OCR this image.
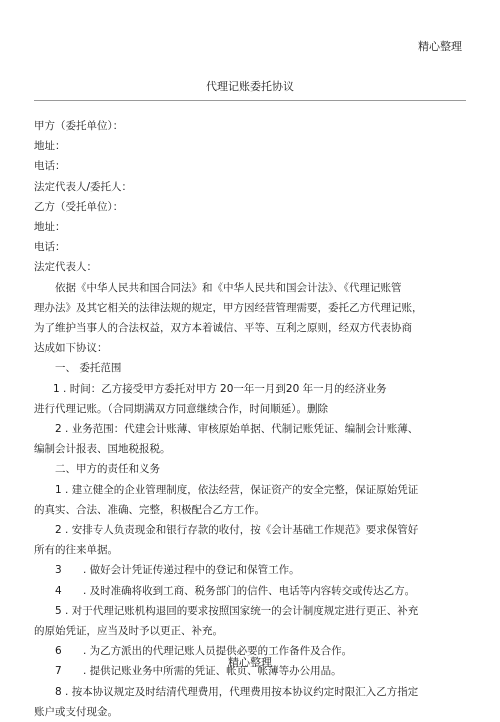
精心整理
代理记账委托协议
甲方（委托单位）：
地址：
电话：
法定代表人/委托人：
乙方（受托单位）：
地址：
电话：
法定代表人：
依据《中华人民共和国合同法》和《中华人民共和国会计法》、《代理记账管
理办法》及其它相关的法律法规的规定，甲方因经营管理需要，委托乙方代理记账，
为了维护当事人的合法权益，双方本着诚信、平等、互利之原则，经双方代表协商
达成如下协议：
一、 委托范围
1 . 时间：乙方接受甲方委托对甲方 20一年一月到20 年一月的经济业务
进行代理记账。（合同期满双方同意继续合作，时间顺延）。删除
2 . 业务范围：代建会计账薄、审核原始单据、代制记账凭证、编制会计账薄、
编制会计报表、国地税报税。
二、甲方的责任和义务
1 . 建立健全的企业管理制度，依法经营，保证资产的安全完整，保证原始凭证
的真实、合法、准确、完整，积极配合乙方工作。
2 . 安排专人负责现金和银行存款的收付，按《会计基础工作规范》要求保管好
所有的往来单据。
3 . 做好会计凭证传递过程中的登记和保管工作。
4 . 及时准确将收到工商、税务部门的信件、电话等内容转交或传达乙方。
5 . 对于代理记账机构退回的要求按照国家统一的会计制度规定进行更正、补充
的原始凭证，应当及时予以更正、补充。
6 . 为乙方派出的代理记账人员提供必要的工作备件及合作。
7 . 提供记账业务中所需的凭证、帐页、帐薄等办公用品。
8 . 按本协议规定及时结清代理费用，代理费用按本协议约定时限汇入乙方指定
账户或支付现金。
精心整理
